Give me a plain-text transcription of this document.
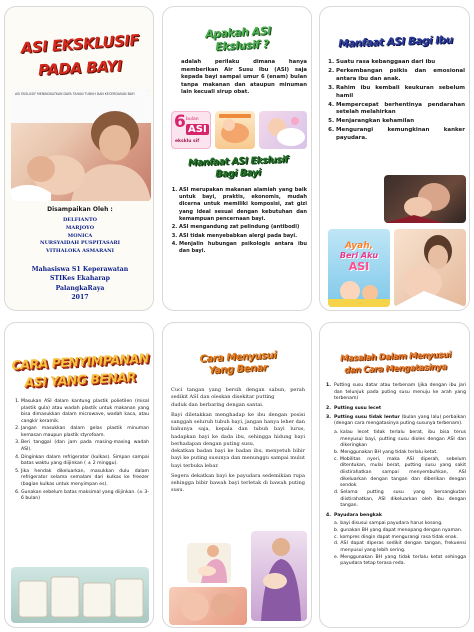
ASI EKSKLUSIF
PADA BAYI
ASI EKSLUSIF MENINGKATKAN DAYA TAHAN TUBUH DAN KECERDASAN BAYI
Disampaikan Oleh :
DELFIANTO
MARJOYO
MONICA
NURSYAIDAH PUSPITASARI
VITHALOKA ASMARANI
Mahasiswa S1 Keperawatan
STIKes Ekaharap
PalangkaRaya
2017
Apakah ASI
Ekslusif ?
adalah perilaku dimana hanya memberikan Air Susu Ibu (ASI) saja kepada bayi sampai umur 6 (enam) bulan tanpa makanan dan ataupun minuman lain kecuali sirup obat.
6 bulan
ASI
eksklu sif
Manfaat ASI Ekslusif
Bagi Bayi
1. ASI merupakan makanan alamiah yang baik untuk bayi, praktis, ekonomis, mudah dicerna untuk memiliki komposisi, zat gizi yang ideal sesuai dengan kebutuhan dan kemampuan pencernaan bayi.
2. ASI mengandung zat pelindung (antibodi)
3. ASI tidak menyebabkan alergi pada bayi.
4. Menjalin hubungan psikologis antara ibu dan bayi.
Manfaat ASI Bagi Ibu
1. Suatu rasa kebanggaan dari ibu
2. Perkembangan psikis dan emosional antara ibu dan anak.
3. Rahim ibu kembali keukuran sebelum hamil
4. Mempercepat berhentinya pendarahan setelah melahirkan
5. Menjarangkan kehamilan
6. Mengurangi kemungkinan kanker payudara.
Ayah,
Beri Aku
ASI
CARA PENYIMPANAN
ASI YANG BENAR
1. Masukan ASI dalam kantung plastik polietilen (misal plastik gula) atau wadah plastik untuk makanan yang bisa dimasukkan dalam microwave, wadah kaca, atau cangkir keramik.
2. Jangan masukkan dalam gelas plastik minuman kemasan maupun plastik styrofoam.
3. Beri tanggal (dan jam pada masing-masing wadah ASI).
4. Dinginkan dalam refrigerator (kulkas). Simpan sampai batas waktu yang diijinkan ( ± 2 minggu).
5. Jika hendak dikeluarkan, masukkan dulu dalam refrigerator selama semalam dari kulkas ke freezer (bagian kulkas untuk menyimpan es).
6. Gunakan sebelum batas maksimal yang diijinkan. (± 3-6 bulan)
Cara Menyusui
Yang Benar

Cuci tangan yang bersih dengan sabun, perah sedikit ASI dan oleskan disekitar putting

duduk dan berbaring dengan santai.

Bayi diletakkan menghadap ke ibu dengan posisi sanggah seluruh tubuh bayi, jangan hanya leher dan bahunya saja, kepala dan tubuh bayi lurus, hadapkan bayi ke dada ibu, sehingga hidung bayi berhadapan dengan puting susu,

dekatkan badan bayi ke badan ibu, menyetuh bibir bayi ke puting susunya dan menunggu sampai mulut bayi terbuka lebar.

Segera dekatkan bayi ke payudara sedemikian rupa sehingga bibir bawah bayi terletak di bawah puting susu.

Masalah Dalam Menyusui
dan Cara Mengatasinya
1. Putting susu datar atau terbenam (jika dengan ibu jari dan telunjuk pada puting susu menuju ke arah yang terbenam)
2. Putting susu lecet
3. Putting susu tidak lentur (bulan yang lalu) perbaikan (dengan cara mengatasinya puting susunya terbenam).
a. kalau lecet tidak terlalu berat, ibu bisa terus menyusui bayi, putting susu dioles dengan ASI dan dikeringkan
b. Menggunakan BH yang tidak terlalu ketat.
c. Mobilitas nyeri, maka ASI diperah, sebelum ditentukan, mulai berat, putting susu yang sakit diistirahatkan sampai menyembuhkan, ASI dikeluarkan dengan tangan dan diberikan dengan sendok
d. Selama putting susu yang bersangkutan diistirahatkan, ASI dikeluarkan oleh ibu dengan tangan.
4. Payudara bengkak
a. bayi disusui sampai payudara harus kosong.
b. gunakan BH yang dapat menopang dengan nyaman.
c. kompres dingin dapat mengurangi rasa tidak enak.
d. ASI dapat diperas sedikit dengan tangan, frekuensi menyusui yang lebih sering.
e. Menggunakan BH yang tidak terlalu ketat sehingga payudara tetap terasa reda.
